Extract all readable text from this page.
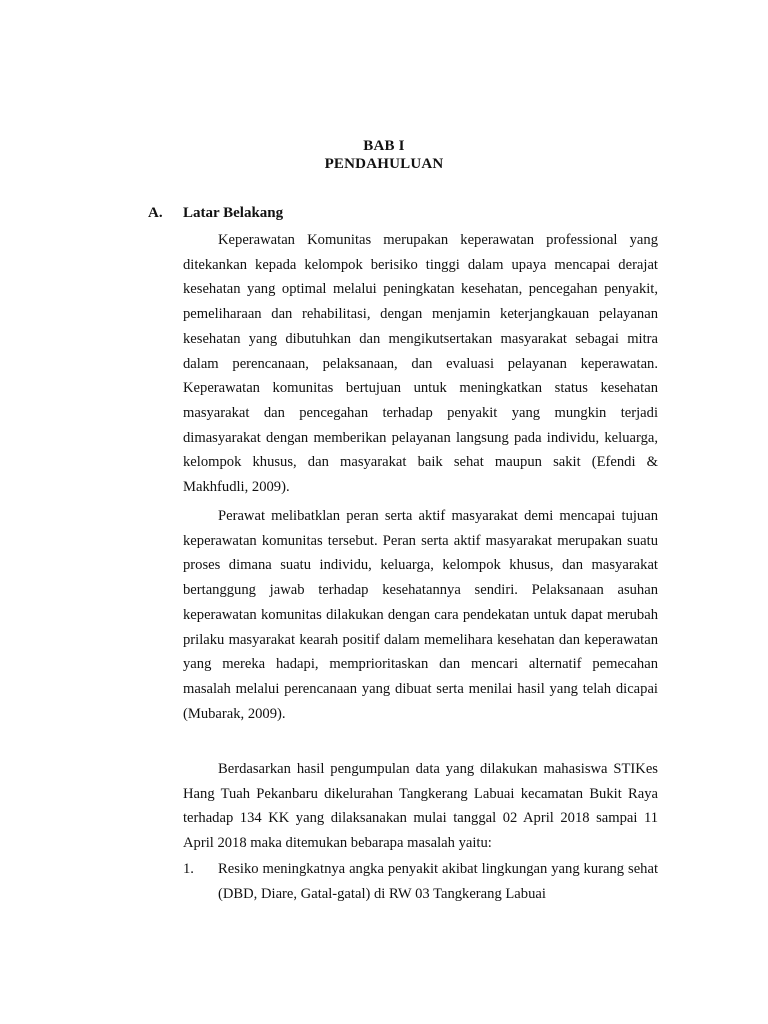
BAB I
PENDAHULUAN
A. Latar Belakang

Keperawatan Komunitas merupakan keperawatan professional yang ditekankan kepada kelompok berisiko tinggi dalam upaya mencapai derajat kesehatan yang optimal melalui peningkatan kesehatan, pencegahan penyakit, pemeliharaan dan rehabilitasi, dengan menjamin keterjangkauan pelayanan kesehatan yang dibutuhkan dan mengikutsertakan masyarakat sebagai mitra dalam perencanaan, pelaksanaan, dan evaluasi pelayanan keperawatan. Keperawatan komunitas bertujuan untuk meningkatkan status kesehatan masyarakat dan pencegahan terhadap penyakit yang mungkin terjadi dimasyarakat dengan memberikan pelayanan langsung pada individu, keluarga, kelompok khusus, dan masyarakat baik sehat maupun sakit (Efendi & Makhfudli, 2009).

Perawat melibatklan peran serta aktif masyarakat demi mencapai tujuan keperawatan komunitas tersebut. Peran serta aktif masyarakat merupakan suatu proses dimana suatu individu, keluarga, kelompok khusus, dan masyarakat bertanggung jawab terhadap kesehatannya sendiri. Pelaksanaan asuhan keperawatan komunitas dilakukan dengan cara pendekatan untuk dapat merubah prilaku masyarakat kearah positif dalam memelihara kesehatan dan keperawatan yang mereka hadapi, memprioritaskan dan mencari alternatif pemecahan masalah melalui perencanaan yang dibuat serta menilai hasil yang telah dicapai (Mubarak, 2009).

Berdasarkan hasil pengumpulan data yang dilakukan mahasiswa STIKes Hang Tuah Pekanbaru dikelurahan Tangkerang Labuai kecamatan Bukit Raya terhadap 134 KK yang dilaksanakan mulai tanggal 02 April 2018 sampai 11 April 2018 maka ditemukan bebarapa masalah yaitu:

1. Resiko meningkatnya angka penyakit akibat lingkungan yang kurang sehat (DBD, Diare, Gatal-gatal) di RW 03 Tangkerang Labuai
